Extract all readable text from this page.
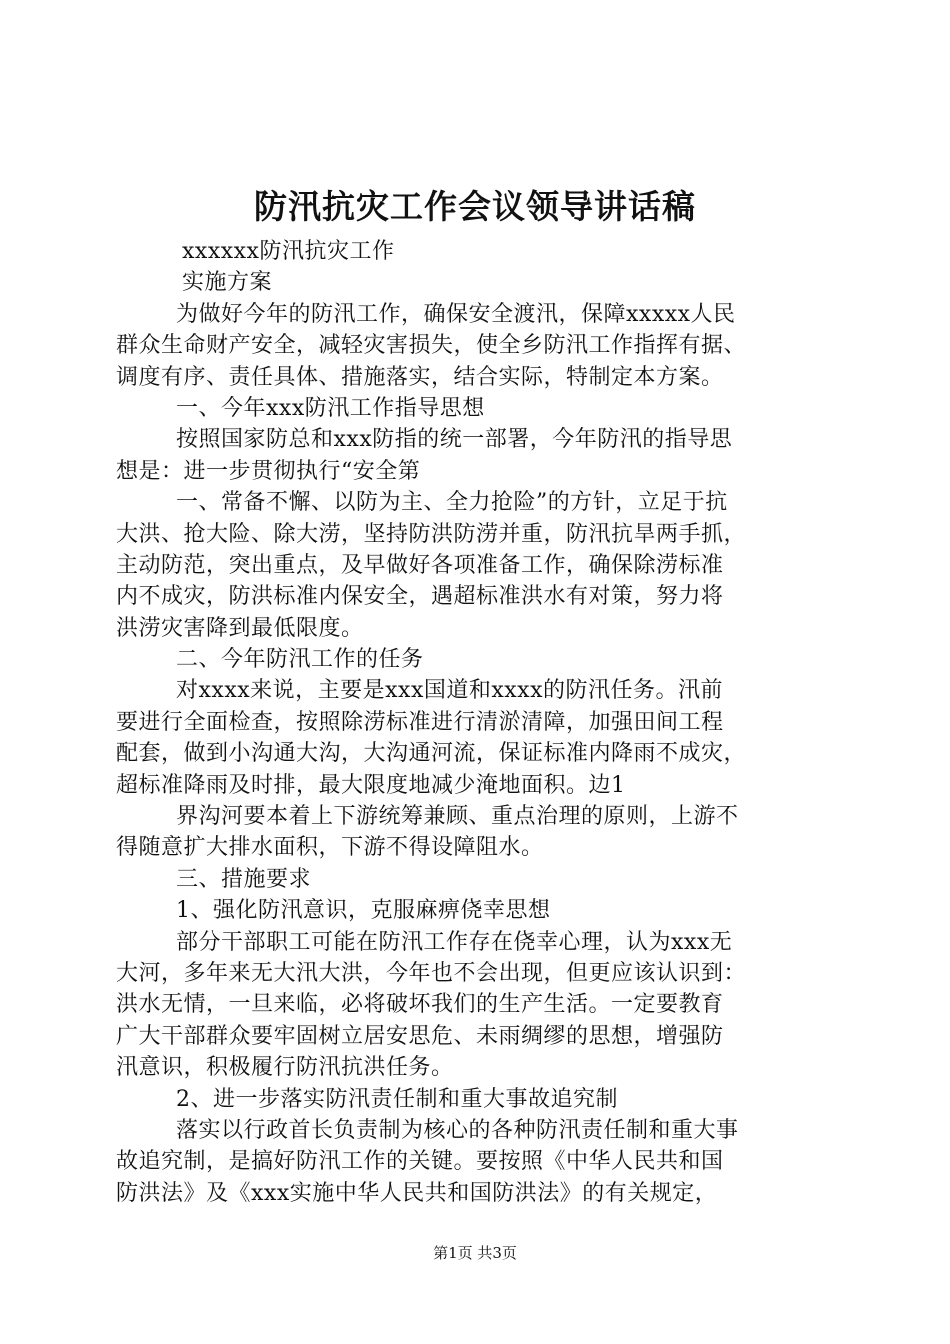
防汛抗灾工作会议领导讲话稿
xxxxxx防汛抗灾工作
实施方案
为做好今年的防汛工作，确保安全渡汛，保障xxxxx人民
群众生命财产安全，减轻灾害损失，使全乡防汛工作指挥有据、
调度有序、责任具体、措施落实，结合实际，特制定本方案。
一、今年xxx防汛工作指导思想
按照国家防总和xxx防指的统一部署，今年防汛的指导思
想是：进一步贯彻执行“安全第
一、常备不懈、以防为主、全力抢险”的方针，立足于抗
大洪、抢大险、除大涝，坚持防洪防涝并重，防汛抗旱两手抓，
主动防范，突出重点，及早做好各项准备工作，确保除涝标准
内不成灾，防洪标准内保安全，遇超标准洪水有对策，努力将
洪涝灾害降到最低限度。
二、今年防汛工作的任务
对xxxx来说，主要是xxx国道和xxxx的防汛任务。汛前
要进行全面检查，按照除涝标准进行清淤清障，加强田间工程
配套，做到小沟通大沟，大沟通河流，保证标准内降雨不成灾，
超标准降雨及时排，最大限度地减少淹地面积。边1
界沟河要本着上下游统筹兼顾、重点治理的原则，上游不
得随意扩大排水面积，下游不得设障阻水。
三、措施要求
1、强化防汛意识，克服麻痹侥幸思想
部分干部职工可能在防汛工作存在侥幸心理，认为xxx无
大河，多年来无大汛大洪，今年也不会出现，但更应该认识到：
洪水无情，一旦来临，必将破坏我们的生产生活。一定要教育
广大干部群众要牢固树立居安思危、未雨绸缪的思想，增强防
汛意识，积极履行防汛抗洪任务。
2、进一步落实防汛责任制和重大事故追究制
落实以行政首长负责制为核心的各种防汛责任制和重大事
故追究制，是搞好防汛工作的关键。要按照《中华人民共和国
防洪法》及《xxx实施中华人民共和国防洪法》的有关规定，
第1页 共3页
